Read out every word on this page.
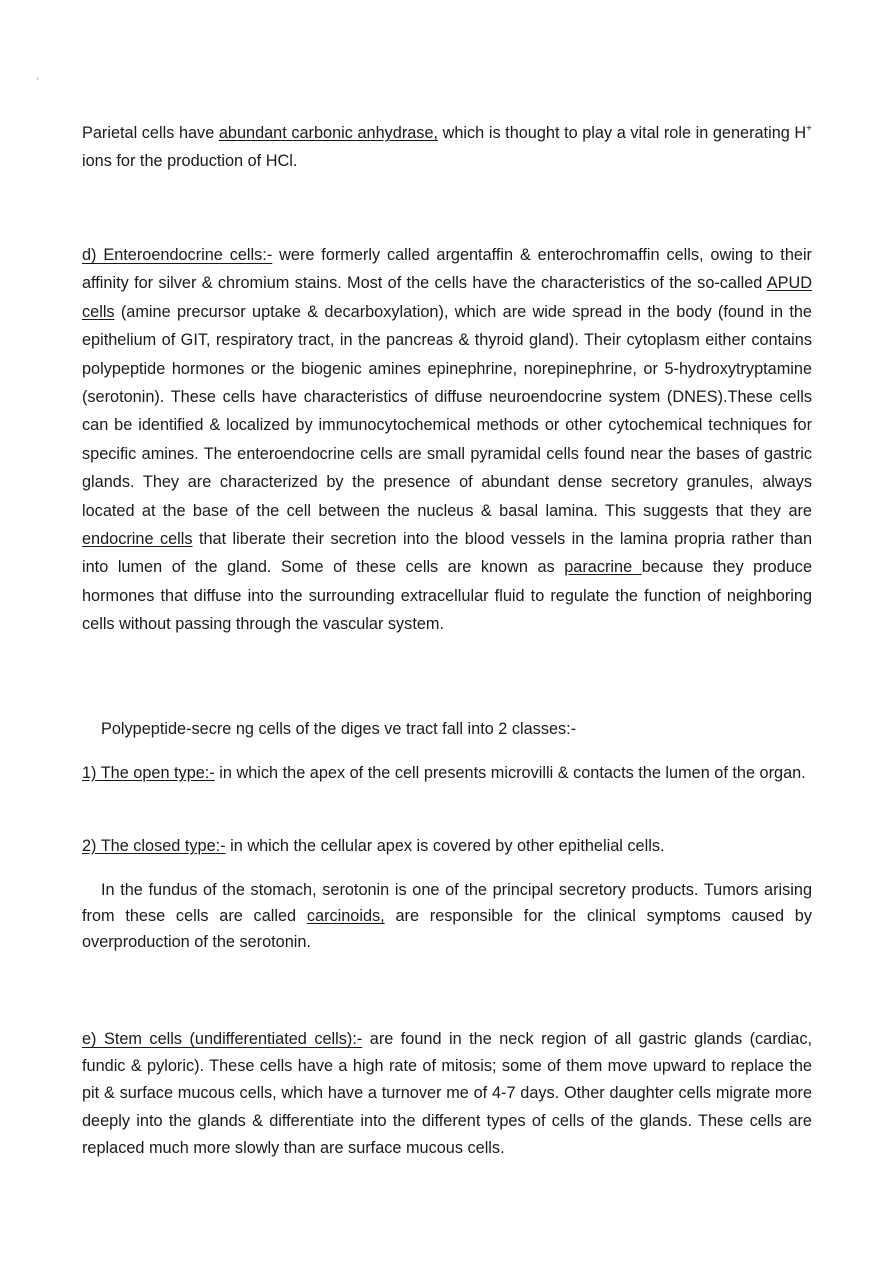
,

Parietal cells have abundant carbonic anhydrase, which is thought to play a vital role in generating H+ ions for the production of HCl.

d) Enteroendocrine cells:- were formerly called argentaffin & enterochromaffin cells, owing to their affinity for silver & chromium stains. Most of the cells have the characteristics of the so-called APUD cells (amine precursor uptake & decarboxylation), which are wide spread in the body (found in the epithelium of GIT, respiratory tract, in the pancreas & thyroid gland). Their cytoplasm either contains polypeptide hormones or the biogenic amines epinephrine, norepinephrine, or 5-hydroxytryptamine (serotonin). These cells have characteristics of diffuse neuroendocrine system (DNES).These cells can be identified & localized by immunocytochemical methods or other cytochemical techniques for specific amines. The enteroendocrine cells are small pyramidal cells found near the bases of gastric glands. They are characterized by the presence of abundant dense secretory granules, always located at the base of the cell between the nucleus & basal lamina. This suggests that they are endocrine cells that liberate their secretion into the blood vessels in the lamina propria rather than into lumen of the gland. Some of these cells are known as paracrine because they produce hormones that diffuse into the surrounding extracellular fluid to regulate the function of neighboring cells without passing through the vascular system.

Polypeptide-secre ng cells of the diges ve tract fall into 2 classes:-

1) The open type:- in which the apex of the cell presents microvilli & contacts the lumen of the organ.

2) The closed type:- in which the cellular apex is covered by other epithelial cells.

In the fundus of the stomach, serotonin is one of the principal secretory products. Tumors arising from these cells are called carcinoids, are responsible for the clinical symptoms caused by overproduction of the serotonin.

e) Stem cells (undifferentiated cells):- are found in the neck region of all gastric glands (cardiac, fundic & pyloric). These cells have a high rate of mitosis; some of them move upward to replace the pit & surface mucous cells, which have a turnover me of 4-7 days. Other daughter cells migrate more deeply into the glands & differentiate into the different types of cells of the glands. These cells are replaced much more slowly than are surface mucous cells.
